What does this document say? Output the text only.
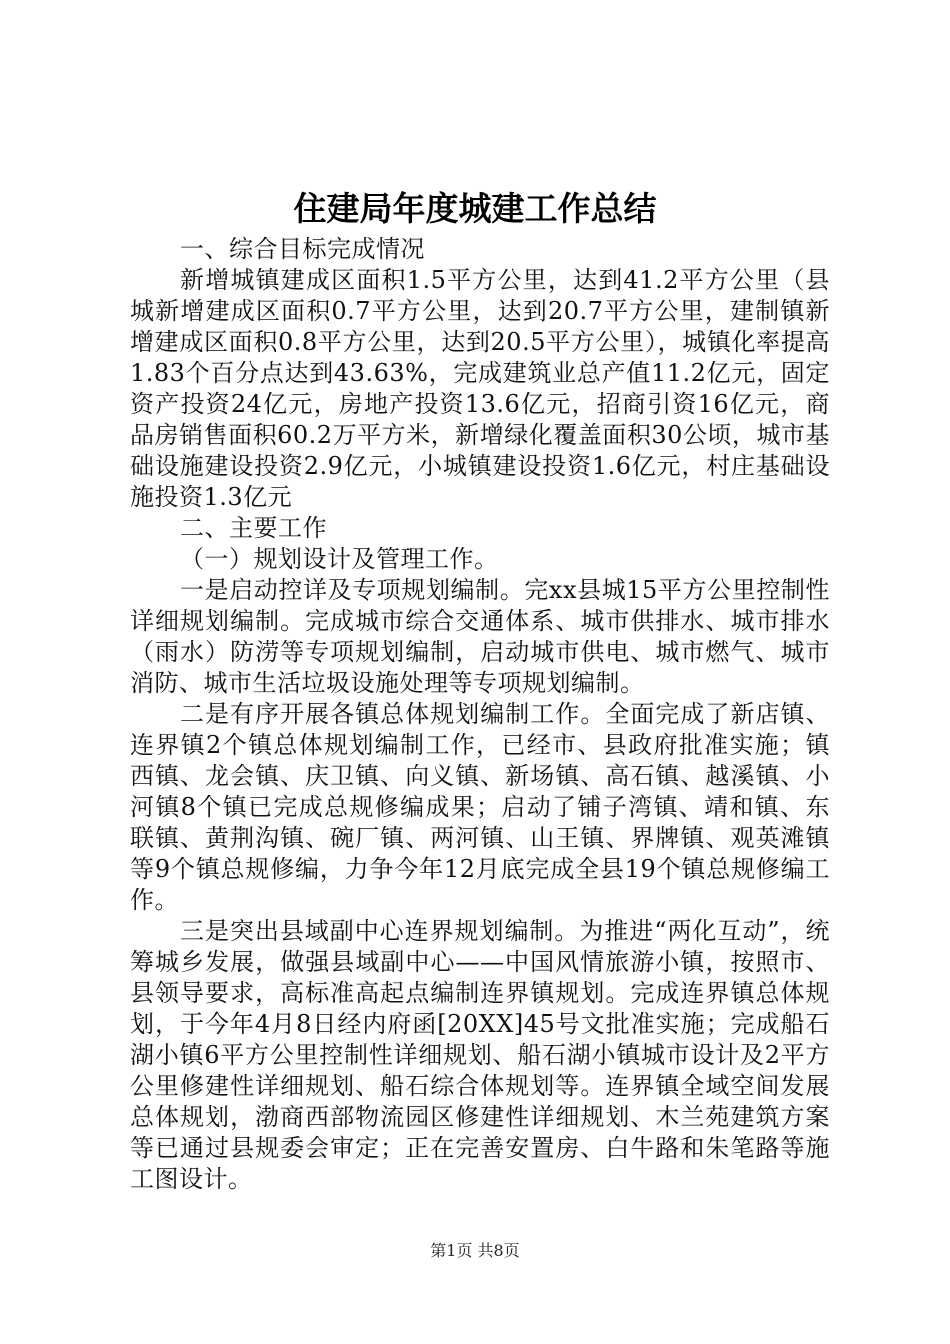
住建局年度城建工作总结

一、综合目标完成情况

新增城镇建成区面积1.5平方公里，达到41.2平方公里（县城新增建成区面积0.7平方公里，达到20.7平方公里，建制镇新增建成区面积0.8平方公里，达到20.5平方公里），城镇化率提高1.83个百分点达到43.63%，完成建筑业总产值11.2亿元，固定资产投资24亿元，房地产投资13.6亿元，招商引资16亿元，商品房销售面积60.2万平方米，新增绿化覆盖面积30公顷，城市基础设施建设投资2.9亿元，小城镇建设投资1.6亿元，村庄基础设施投资1.3亿元

二、主要工作

（一）规划设计及管理工作。

一是启动控详及专项规划编制。完xx县城15平方公里控制性详细规划编制。完成城市综合交通体系、城市供排水、城市排水（雨水）防涝等专项规划编制，启动城市供电、城市燃气、城市消防、城市生活垃圾设施处理等专项规划编制。

二是有序开展各镇总体规划编制工作。全面完成了新店镇、连界镇2个镇总体规划编制工作，已经市、县政府批准实施；镇西镇、龙会镇、庆卫镇、向义镇、新场镇、高石镇、越溪镇、小河镇8个镇已完成总规修编成果；启动了铺子湾镇、靖和镇、东联镇、黄荆沟镇、碗厂镇、两河镇、山王镇、界牌镇、观英滩镇等9个镇总规修编，力争今年12月底完成全县19个镇总规修编工作。

三是突出县域副中心连界规划编制。为推进“两化互动”，统筹城乡发展，做强县域副中心——中国风情旅游小镇，按照市、县领导要求，高标准高起点编制连界镇规划。完成连界镇总体规划，于今年4月8日经内府函[20XX]45号文批准实施；完成船石湖小镇6平方公里控制性详细规划、船石湖小镇城市设计及2平方公里修建性详细规划、船石综合体规划等。连界镇全域空间发展总体规划，渤商西部物流园区修建性详细规划、木兰苑建筑方案等已通过县规委会审定；正在完善安置房、白牛路和朱笔路等施工图设计。

第1页 共8页
